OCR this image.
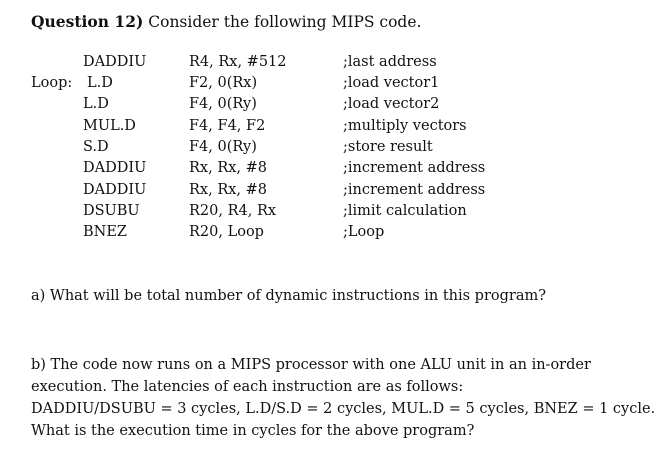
Question 12) Consider the following MIPS code.
DADDIU	R4, Rx, #512	;last address
Loop: L.D	F2, 0(Rx)	;load vector1
L.D	F4, 0(Ry)	;load vector2
MUL.D	F4, F4, F2	;multiply vectors
S.D	F4, 0(Ry)	;store result
DADDIU	Rx, Rx, #8	;increment address
DADDIU	Rx, Rx, #8	;increment address
DSUBU	R20, R4, Rx	;limit calculation
BNEZ	R20, Loop	;Loop
a) What will be total number of dynamic instructions in this program?
b) The code now runs on a MIPS processor with one ALU unit in an in-order
execution. The latencies of each instruction are as follows:
DADDIU/DSUBU = 3 cycles, L.D/S.D = 2 cycles, MUL.D = 5 cycles, BNEZ = 1 cycle.
What is the execution time in cycles for the above program?
